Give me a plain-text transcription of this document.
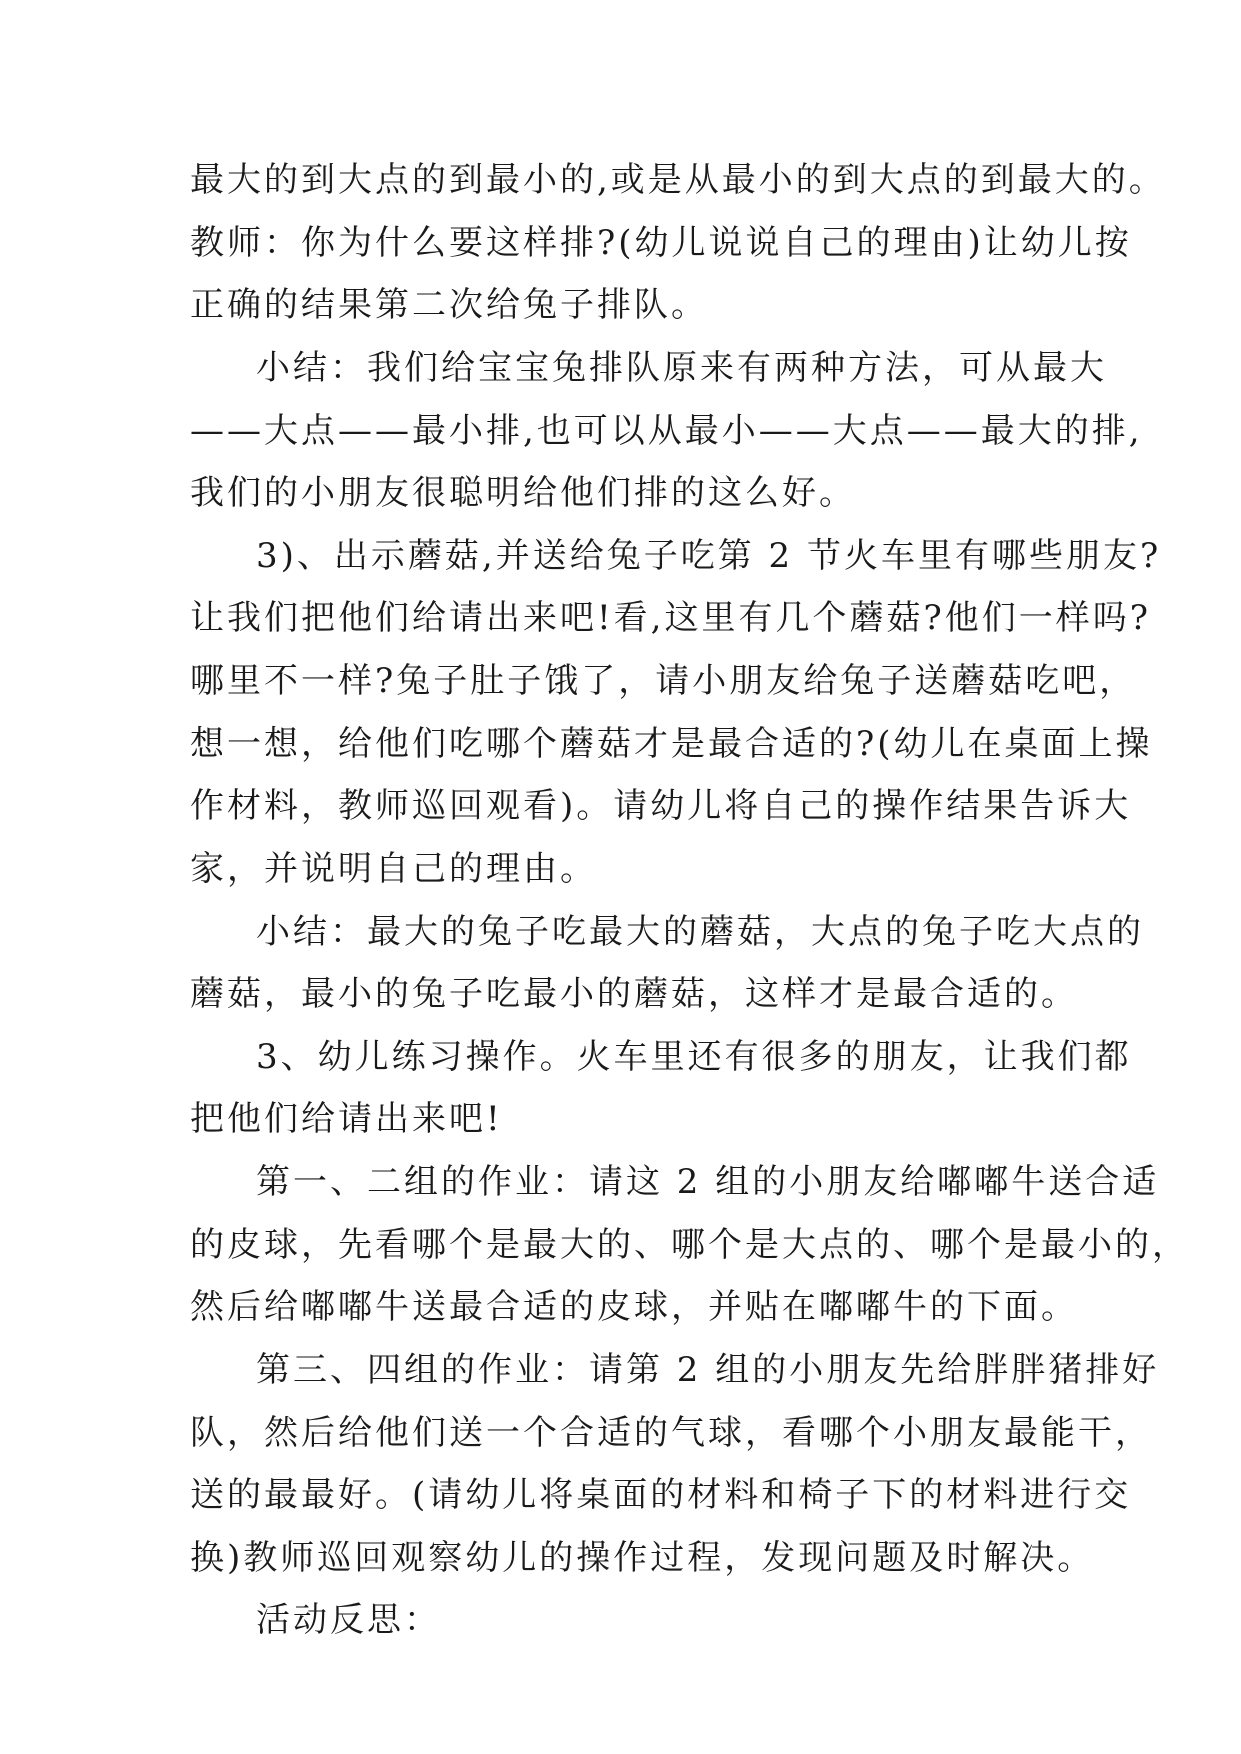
最大的到大点的到最小的,或是从最小的到大点的到最大的。
教师：你为什么要这样排?(幼儿说说自己的理由)让幼儿按
正确的结果第二次给兔子排队。
小结：我们给宝宝兔排队原来有两种方法，可从最大
——大点——最小排,也可以从最小——大点——最大的排,
我们的小朋友很聪明给他们排的这么好。
3)、出示蘑菇,并送给兔子吃第 2 节火车里有哪些朋友?
让我们把他们给请出来吧!看,这里有几个蘑菇?他们一样吗?
哪里不一样?兔子肚子饿了，请小朋友给兔子送蘑菇吃吧，
想一想，给他们吃哪个蘑菇才是最合适的?(幼儿在桌面上操
作材料，教师巡回观看)。请幼儿将自己的操作结果告诉大
家，并说明自己的理由。
小结：最大的兔子吃最大的蘑菇，大点的兔子吃大点的
蘑菇，最小的兔子吃最小的蘑菇，这样才是最合适的。
3、幼儿练习操作。火车里还有很多的朋友，让我们都
把他们给请出来吧!
第一、二组的作业：请这 2 组的小朋友给嘟嘟牛送合适
的皮球，先看哪个是最大的、哪个是大点的、哪个是最小的，
然后给嘟嘟牛送最合适的皮球，并贴在嘟嘟牛的下面。
第三、四组的作业：请第 2 组的小朋友先给胖胖猪排好
队，然后给他们送一个合适的气球，看哪个小朋友最能干，
送的最最好。(请幼儿将桌面的材料和椅子下的材料进行交
换)教师巡回观察幼儿的操作过程，发现问题及时解决。
活动反思：
